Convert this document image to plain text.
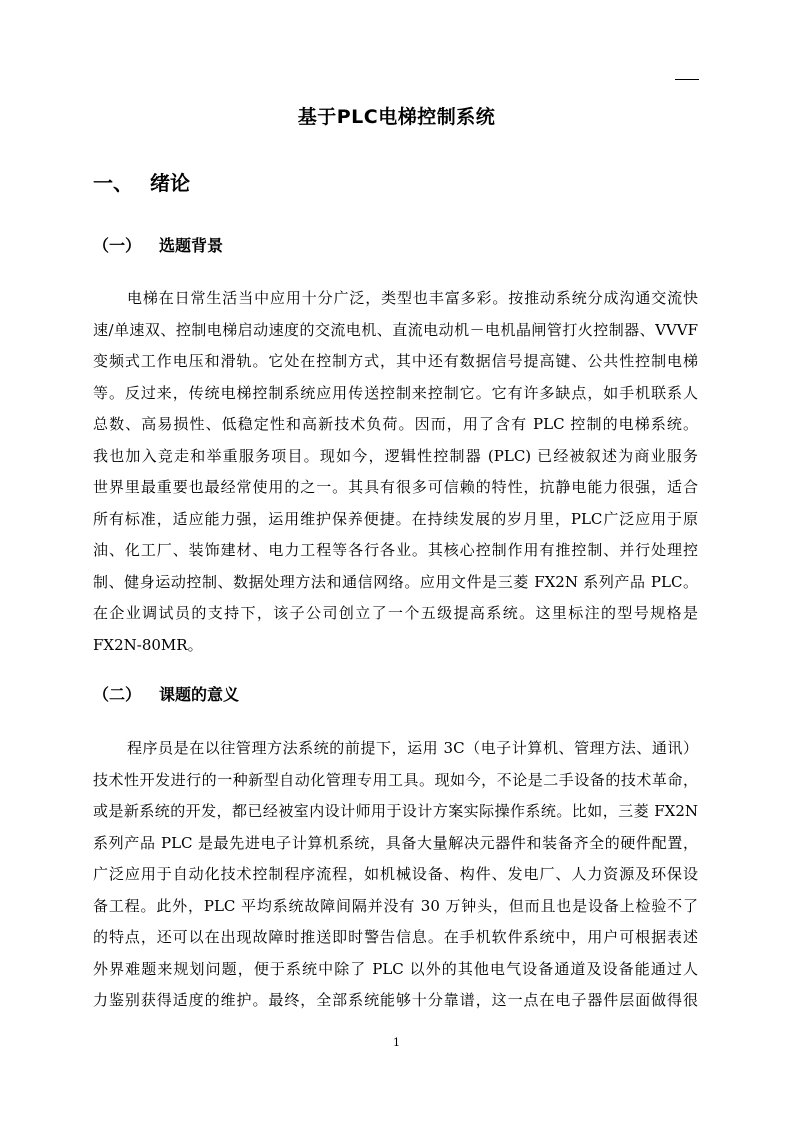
基于PLC电梯控制系统
一、 绪论
（一） 选题背景
电梯在日常生活当中应用十分广泛，类型也丰富多彩。按推动系统分成沟通交流快
速/单速双、控制电梯启动速度的交流电机、直流电动机－电机晶闸管打火控制器、VVVF
变频式工作电压和滑轨。它处在控制方式，其中还有数据信号提高键、公共性控制电梯
等。反过来，传统电梯控制系统应用传送控制来控制它。它有许多缺点，如手机联系人
总数、高易损性、低稳定性和高新技术负荷。因而，用了含有 PLC 控制的电梯系统。
我也加入竞走和举重服务项目。现如今，逻辑性控制器 (PLC) 已经被叙述为商业服务
世界里最重要也最经常使用的之一。其具有很多可信赖的特性，抗静电能力很强，适合
所有标准，适应能力强，运用维护保养便捷。在持续发展的岁月里，PLC广泛应用于原
油、化工厂、装饰建材、电力工程等各行各业。其核心控制作用有推控制、并行处理控
制、健身运动控制、数据处理方法和通信网络。应用文件是三菱 FX2N 系列产品 PLC。
在企业调试员的支持下，该子公司创立了一个五级提高系统。这里标注的型号规格是
FX2N-80MR。
（二） 课题的意义
程序员是在以往管理方法系统的前提下，运用 3C（电子计算机、管理方法、通讯）
技术性开发进行的一种新型自动化管理专用工具。现如今，不论是二手设备的技术革命，
或是新系统的开发，都已经被室内设计师用于设计方案实际操作系统。比如，三菱 FX2N
系列产品 PLC 是最先进电子计算机系统，具备大量解决元器件和装备齐全的硬件配置，
广泛应用于自动化技术控制程序流程，如机械设备、构件、发电厂、人力资源及环保设
备工程。此外，PLC 平均系统故障间隔并没有 30 万钟头，但而且也是设备上检验不了
的特点，还可以在出现故障时推送即时警告信息。在手机软件系统中，用户可根据表述
外界难题来规划问题，便于系统中除了 PLC 以外的其他电气设备通道及设备能通过人
力鉴别获得适度的维护。最终，全部系统能够十分靠谱，这一点在电子器件层面做得很
1
